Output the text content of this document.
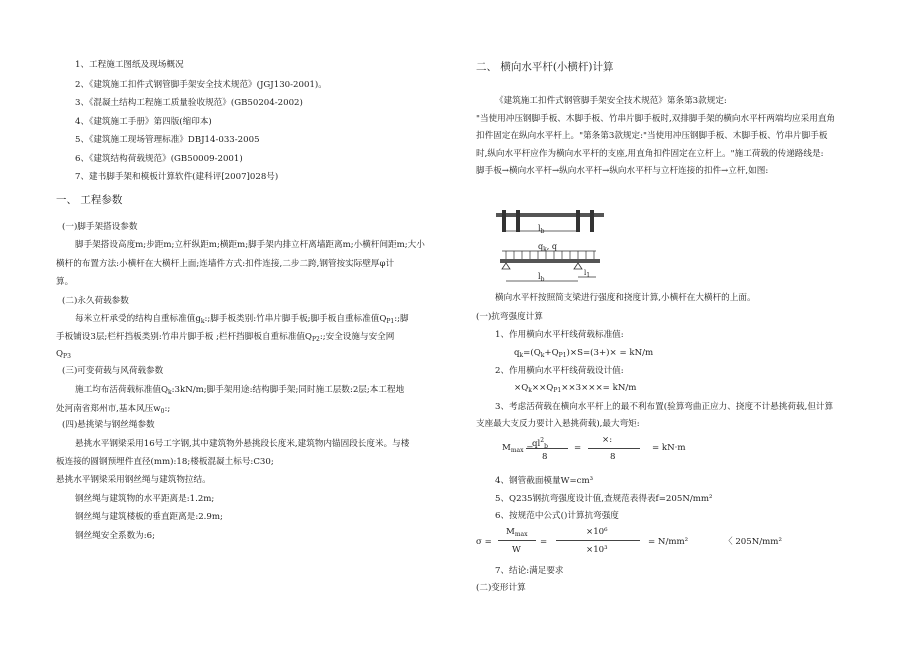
1、工程施工图纸及现场概况
2、《建筑施工扣件式钢管脚手架安全技术规范》(JGJ130-2001)。
3、《混凝土结构工程施工质量验收规范》(GB50204-2002)
4、《建筑施工手册》第四版(缩印本)
5、《建筑施工现场管理标准》DBJ14-033-2005
6、《建筑结构荷载规范》(GB50009-2001)
7、建书脚手架和模板计算软件(建科评[2007]028号)
一、 工程参数
(一)脚手架搭设参数
脚手架搭设高度m;步距m;立杆纵距m;横距m;脚手架内排立杆离墙距离m;小横杆间距m;大小
横杆的布置方法:小横杆在大横杆上面;连墙件方式:扣件连接,二步二跨,钢管按实际壁厚φ计
算。
(二)永久荷载参数
每米立杆承受的结构自重标准值$g_k$:;脚手板类别:竹串片脚手板;脚手板自重标准值$Q_{P1}$:;脚
手板铺设3层;栏杆挡板类别:竹串片脚手板 ;栏杆挡脚板自重标准值$Q_{P2}$:;安全设施与安全网
$Q_{P3}$
(三)可变荷载与风荷载参数
施工均布活荷载标准值$Q_k:3kN/m$;脚手架用途:结构脚手架;同时施工层数:2层;本工程地
处河南省郑州市,基本风压$w_0$:;
(四)悬挑梁与钢丝绳参数
悬挑水平钢梁采用16号工字钢,其中建筑物外悬挑段长度米,建筑物内锚固段长度米。与楼
板连接的圆钢预埋件直径(mm):18;楼板混凝土标号:C30;
悬挑水平钢梁采用钢丝绳与建筑物拉结。
钢丝绳与建筑物的水平距离是:1.2m;
钢丝绳与建筑楼板的垂直距离是:2.9m;
钢丝绳安全系数为:6;
二、 横向水平杆(小横杆)计算
《建筑施工扣件式钢管脚手架安全技术规范》第条第3款规定:
"当使用冲压钢脚手板、木脚手板、竹串片脚手板时,双排脚手架的横向水平杆两端均应采用直角
扣件固定在纵向水平杆上。"第条第3款规定:"当使用冲压钢脚手板、木脚手板、竹串片脚手板
时,纵向水平杆应作为横向水平杆的支座,用直角扣件固定在立杆上。"施工荷载的传递路线是:
脚手板→横向水平杆→纵向水平杆→纵向水平杆与立杆连接的扣件→立杆,如图:
$l_b$
$q_k$, q
$l_b$
l1
横向水平杆按照简支梁进行强度和挠度计算,小横杆在大横杆的上面。
(一)抗弯强度计算
1、作用横向水平杆线荷载标准值:
$q_k=(Q_k+Q_{P1})\times S=(3+)\times = kN/m$
2、作用横向水平杆线荷载设计值:
$\times Q_k\times\times Q_{P1}\times\times 3\times\times\times= kN/m$
3、考虑活荷载在横向水平杆上的最不利布置(验算弯曲正应力、挠度不计悬挑荷载,但计算
支座最大支反力要计入悬挑荷载),最大弯矩:
$M_{max}$ =
$ql^2_b$
8
=
×:
8
= kN·m
4、钢管截面模量W=cm³
5、Q235钢抗弯强度设计值,查规范表得表f=205N/mm²
6、按规范中公式()计算抗弯强度
σ =
$M_{max}$
W
=
×10⁶
×10³
= N/mm²	〈 205N/mm²
7、结论:满足要求
(二)变形计算
